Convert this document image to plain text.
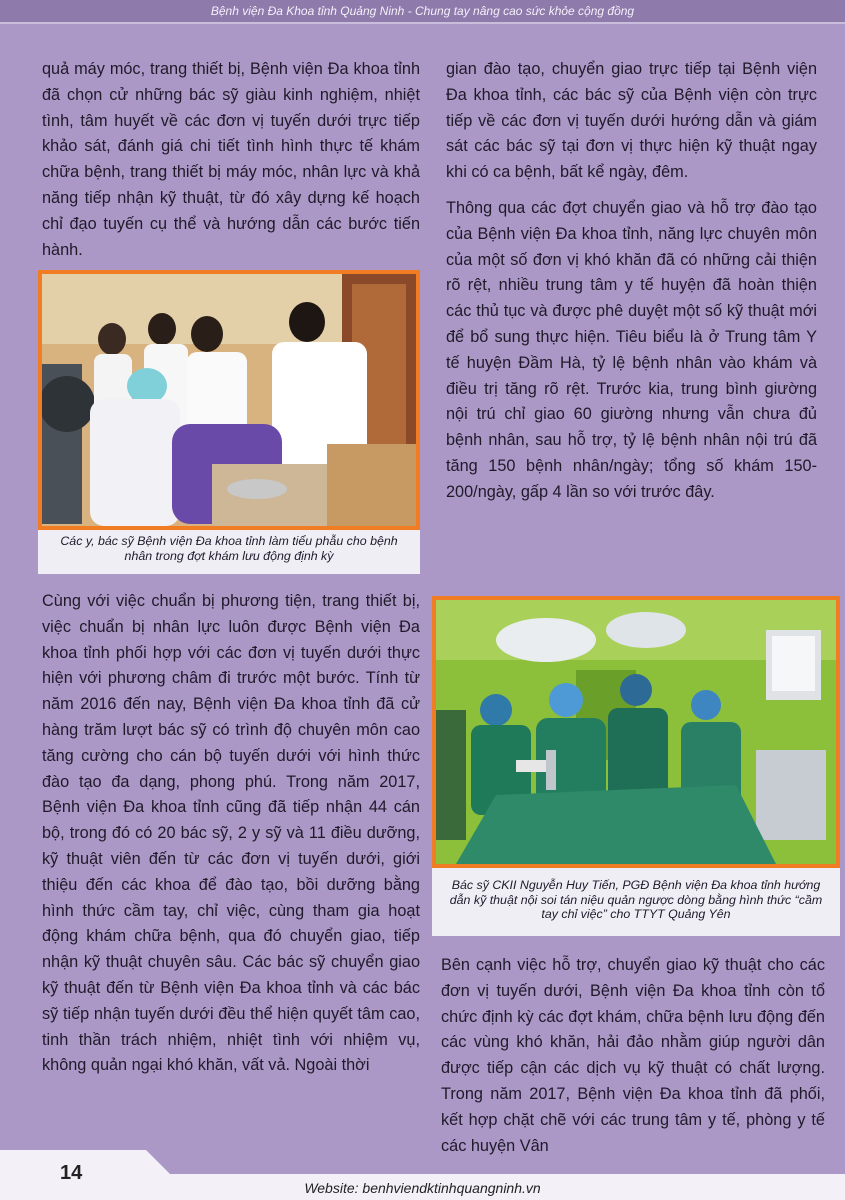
Bệnh viện Đa Khoa tỉnh Quảng Ninh - Chung tay nâng cao sức khỏe cộng đồng

quả máy móc, trang thiết bị, Bệnh viện Đa khoa tỉnh đã chọn cử những bác sỹ giàu kinh nghiệm, nhiệt tình, tâm huyết về các đơn vị tuyến dưới trực tiếp khảo sát, đánh giá chi tiết tình hình thực tế khám chữa bệnh, trang thiết bị máy móc, nhân lực và khả năng tiếp nhận kỹ thuật, từ đó xây dựng kế hoạch chỉ đạo tuyến cụ thể và hướng dẫn các bước tiến hành.

Các y, bác sỹ Bệnh viện Đa khoa tỉnh làm tiểu phẫu cho bệnh nhân trong đợt khám lưu động định kỳ

Cùng với việc chuẩn bị phương tiện, trang thiết bị, việc chuẩn bị nhân lực luôn được Bệnh viện Đa khoa tỉnh phối hợp với các đơn vị tuyến dưới thực hiện với phương châm đi trước một bước. Tính từ năm 2016 đến nay, Bệnh viện Đa khoa tỉnh đã cử hàng trăm lượt bác sỹ có trình độ chuyên môn cao tăng cường cho cán bộ tuyến dưới với hình thức đào tạo đa dạng, phong phú. Trong năm 2017, Bệnh viện Đa khoa tỉnh cũng đã tiếp nhận 44 cán bộ, trong đó có 20 bác sỹ, 2 y sỹ và 11 điều dưỡng, kỹ thuật viên đến từ các đơn vị tuyến dưới, giới thiệu đến các khoa để đào tạo, bồi dưỡng bằng hình thức cầm tay, chỉ việc, cùng tham gia hoạt động khám chữa bệnh, qua đó chuyển giao, tiếp nhận kỹ thuật chuyên sâu. Các bác sỹ chuyển giao kỹ thuật đến từ Bệnh viện Đa khoa tỉnh và các bác sỹ tiếp nhận tuyến dưới đều thể hiện quyết tâm cao, tinh thần trách nhiệm, nhiệt tình với nhiệm vụ, không quản ngại khó khăn, vất vả. Ngoài thời

gian đào tạo, chuyển giao trực tiếp tại Bệnh viện Đa khoa tỉnh, các bác sỹ của Bệnh viện còn trực tiếp về các đơn vị tuyến dưới hướng dẫn và giám sát các bác sỹ tại đơn vị thực hiện kỹ thuật ngay khi có ca bệnh, bất kể ngày, đêm.

Thông qua các đợt chuyển giao và hỗ trợ đào tạo của Bệnh viện Đa khoa tỉnh, năng lực chuyên môn của một số đơn vị khó khăn đã có những cải thiện rõ rệt, nhiều trung tâm y tế huyện đã hoàn thiện các thủ tục và được phê duyệt một số kỹ thuật mới để bổ sung thực hiện. Tiêu biểu là ở Trung tâm Y tế huyện Đầm Hà, tỷ lệ bệnh nhân vào khám và điều trị tăng rõ rệt. Trước kia, trung bình giường nội trú chỉ giao 60 giường nhưng vẫn chưa đủ bệnh nhân, sau hỗ trợ, tỷ lệ bệnh nhân nội trú đã tăng 150 bệnh nhân/ngày; tổng số khám 150-200/ngày, gấp 4 lần so với trước đây.

Bác sỹ CKII Nguyễn Huy Tiến, PGĐ Bệnh viện Đa khoa tỉnh hướng dẫn kỹ thuật nội soi tán niệu quản ngược dòng bằng hình thức “cầm tay chỉ việc” cho TTYT Quảng Yên

Bên cạnh việc hỗ trợ, chuyển giao kỹ thuật cho các đơn vị tuyến dưới, Bệnh viện Đa khoa tỉnh còn tổ chức định kỳ các đợt khám, chữa bệnh lưu động đến các vùng khó khăn, hải đảo nhằm giúp người dân được tiếp cận các dịch vụ kỹ thuật có chất lượng. Trong năm 2017, Bệnh viện Đa khoa tỉnh đã phối, kết hợp chặt chẽ với các trung tâm y tế, phòng y tế các huyện Vân

14
Website: benhviendktinhquangninh.vn
